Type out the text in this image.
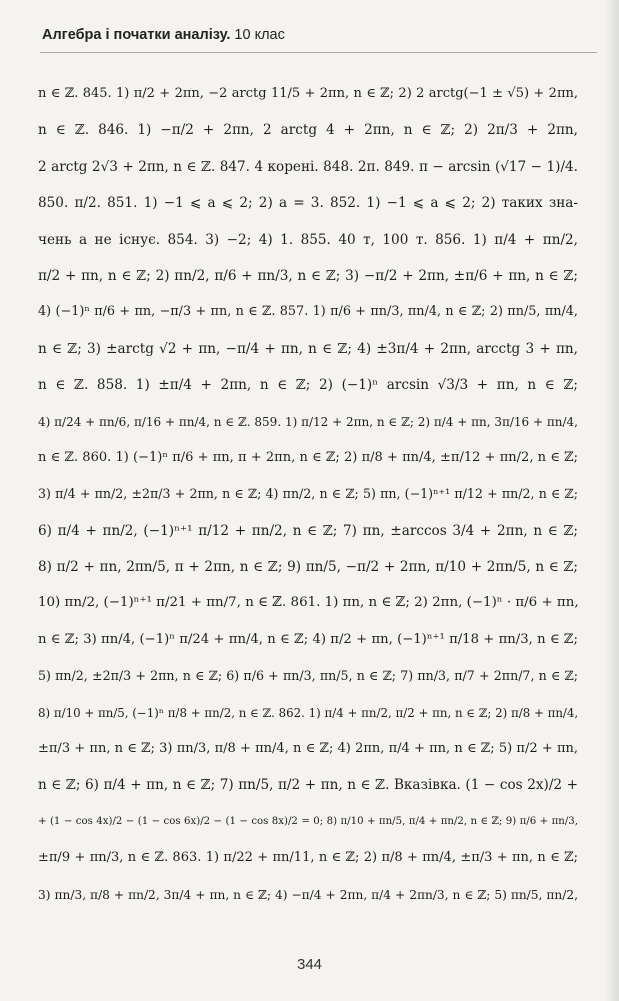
Алгебра і початки аналізу. 10 клас
n ∈ ℤ. 845. 1) π/2 + 2πn, −2 arctg 11/5 + 2πn, n ∈ ℤ; 2) 2 arctg(−1 ± √5) + 2πn,
n ∈ ℤ. 846. 1) −π/2 + 2πn, 2 arctg 4 + 2πn, n ∈ ℤ; 2) 2π/3 + 2πn,
2 arctg 2√3 + 2πn, n ∈ ℤ. 847. 4 корені. 848. 2π. 849. π − arcsin (√17 − 1)/4.
850. π/2. 851. 1) −1 ⩽ a ⩽ 2; 2) a = 3. 852. 1) −1 ⩽ a ⩽ 2; 2) таких зна-
чень a не існує. 854. 3) −2; 4) 1. 855. 40 т, 100 т. 856. 1) π/4 + πn/2,
π/2 + πn, n ∈ ℤ; 2) πn/2, π/6 + πn/3, n ∈ ℤ; 3) −π/2 + 2πn, ±π/6 + πn, n ∈ ℤ;
4) (−1)ⁿ π/6 + πn, −π/3 + πn, n ∈ ℤ. 857. 1) π/6 + πn/3, πn/4, n ∈ ℤ; 2) πn/5, πn/4,
n ∈ ℤ; 3) ±arctg √2 + πn, −π/4 + πn, n ∈ ℤ; 4) ±3π/4 + 2πn, arcctg 3 + πn,
n ∈ ℤ. 858. 1) ±π/4 + 2πn, n ∈ ℤ; 2) (−1)ⁿ arcsin √3/3 + πn, n ∈ ℤ;
4) π/24 + πn/6, π/16 + πn/4, n ∈ ℤ. 859. 1) π/12 + 2πn, n ∈ ℤ; 2) π/4 + πn, 3π/16 + πn/4,
n ∈ ℤ. 860. 1) (−1)ⁿ π/6 + πn, π + 2πn, n ∈ ℤ; 2) π/8 + πn/4, ±π/12 + πn/2, n ∈ ℤ;
3) π/4 + πn/2, ±2π/3 + 2πn, n ∈ ℤ; 4) πn/2, n ∈ ℤ; 5) πn, (−1)ⁿ⁺¹ π/12 + πn/2, n ∈ ℤ;
6) π/4 + πn/2, (−1)ⁿ⁺¹ π/12 + πn/2, n ∈ ℤ; 7) πn, ±arccos 3/4 + 2πn, n ∈ ℤ;
8) π/2 + πn, 2πn/5, π + 2πn, n ∈ ℤ; 9) πn/5, −π/2 + 2πn, π/10 + 2πn/5, n ∈ ℤ;
10) πn/2, (−1)ⁿ⁺¹ π/21 + πn/7, n ∈ ℤ. 861. 1) πn, n ∈ ℤ; 2) 2πn, (−1)ⁿ · π/6 + πn,
n ∈ ℤ; 3) πn/4, (−1)ⁿ π/24 + πn/4, n ∈ ℤ; 4) π/2 + πn, (−1)ⁿ⁺¹ π/18 + πn/3, n ∈ ℤ;
5) πn/2, ±2π/3 + 2πn, n ∈ ℤ; 6) π/6 + πn/3, πn/5, n ∈ ℤ; 7) πn/3, π/7 + 2πn/7, n ∈ ℤ;
8) π/10 + πn/5, (−1)ⁿ π/8 + πn/2, n ∈ ℤ. 862. 1) π/4 + πn/2, π/2 + πn, n ∈ ℤ; 2) π/8 + πn/4,
±π/3 + πn, n ∈ ℤ; 3) πn/3, π/8 + πn/4, n ∈ ℤ; 4) 2πn, π/4 + πn, n ∈ ℤ; 5) π/2 + πn,
n ∈ ℤ; 6) π/4 + πn, n ∈ ℤ; 7) πn/5, π/2 + πn, n ∈ ℤ. Вказівка. (1 − cos 2x)/2 +
+ (1 − cos 4x)/2 − (1 − cos 6x)/2 − (1 − cos 8x)/2 = 0; 8) π/10 + πn/5, π/4 + πn/2, n ∈ ℤ; 9) π/6 + πn/3,
±π/9 + πn/3, n ∈ ℤ. 863. 1) π/22 + πn/11, n ∈ ℤ; 2) π/8 + πn/4, ±π/3 + πn, n ∈ ℤ;
3) πn/3, π/8 + πn/2, 3π/4 + πn, n ∈ ℤ; 4) −π/4 + 2πn, π/4 + 2πn/3, n ∈ ℤ; 5) πn/5, πn/2,
344
